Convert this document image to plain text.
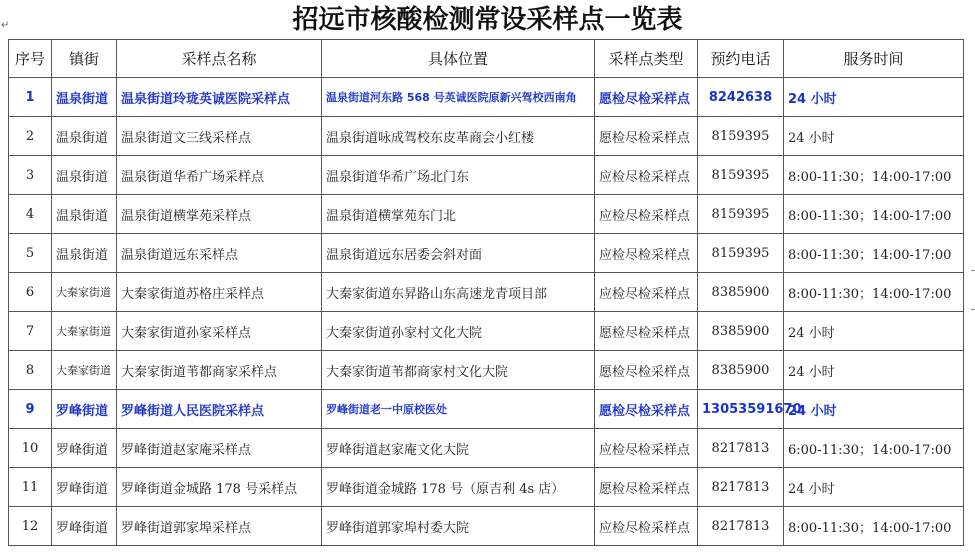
招远市核酸检测常设采样点一览表
↵
序号	镇街	采样点名称	具体位置	采样点类型	预约电话	服务时间
1	温泉街道	温泉街道玲珑英诚医院采样点	温泉街道河东路 568 号英诚医院原新兴驾校西南角	愿检尽检采样点	8242638	24 小时
2	温泉街道	温泉街道文三线采样点	温泉街道咏成驾校东皮革商会小红楼	愿检尽检采样点	8159395	24 小时
3	温泉街道	温泉街道华希广场采样点	温泉街道华希广场北门东	应检尽检采样点	8159395	8:00-11:30；14:00-17:00
4	温泉街道	温泉街道横掌苑采样点	温泉街道横掌苑东门北	应检尽检采样点	8159395	8:00-11:30；14:00-17:00
5	温泉街道	温泉街道远东采样点	温泉街道远东居委会斜对面	应检尽检采样点	8159395	8:00-11:30；14:00-17:00
6	大秦家街道	大秦家街道苏格庄采样点	大秦家街道东昇路山东高速龙青项目部	应检尽检采样点	8385900	8:00-11:30；14:00-17:00
7	大秦家街道	大秦家街道孙家采样点	大秦家街道孙家村文化大院	愿检尽检采样点	8385900	24 小时
8	大秦家街道	大秦家街道苇都商家采样点	大秦家街道苇都商家村文化大院	愿检尽检采样点	8385900	24 小时
9	罗峰街道	罗峰街道人民医院采样点	罗峰街道老一中原校医处	愿检尽检采样点	13053591670	24 小时
10	罗峰街道	罗峰街道赵家庵采样点	罗峰街道赵家庵文化大院	应检尽检采样点	8217813	6:00-11:30；14:00-17:00
11	罗峰街道	罗峰街道金城路 178 号采样点	罗峰街道金城路 178 号（原吉利 4s 店）	愿检尽检采样点	8217813	24 小时
12	罗峰街道	罗峰街道郭家埠采样点	罗峰街道郭家埠村委大院	应检尽检采样点	8217813	8:00-11:30；14:00-17:00
